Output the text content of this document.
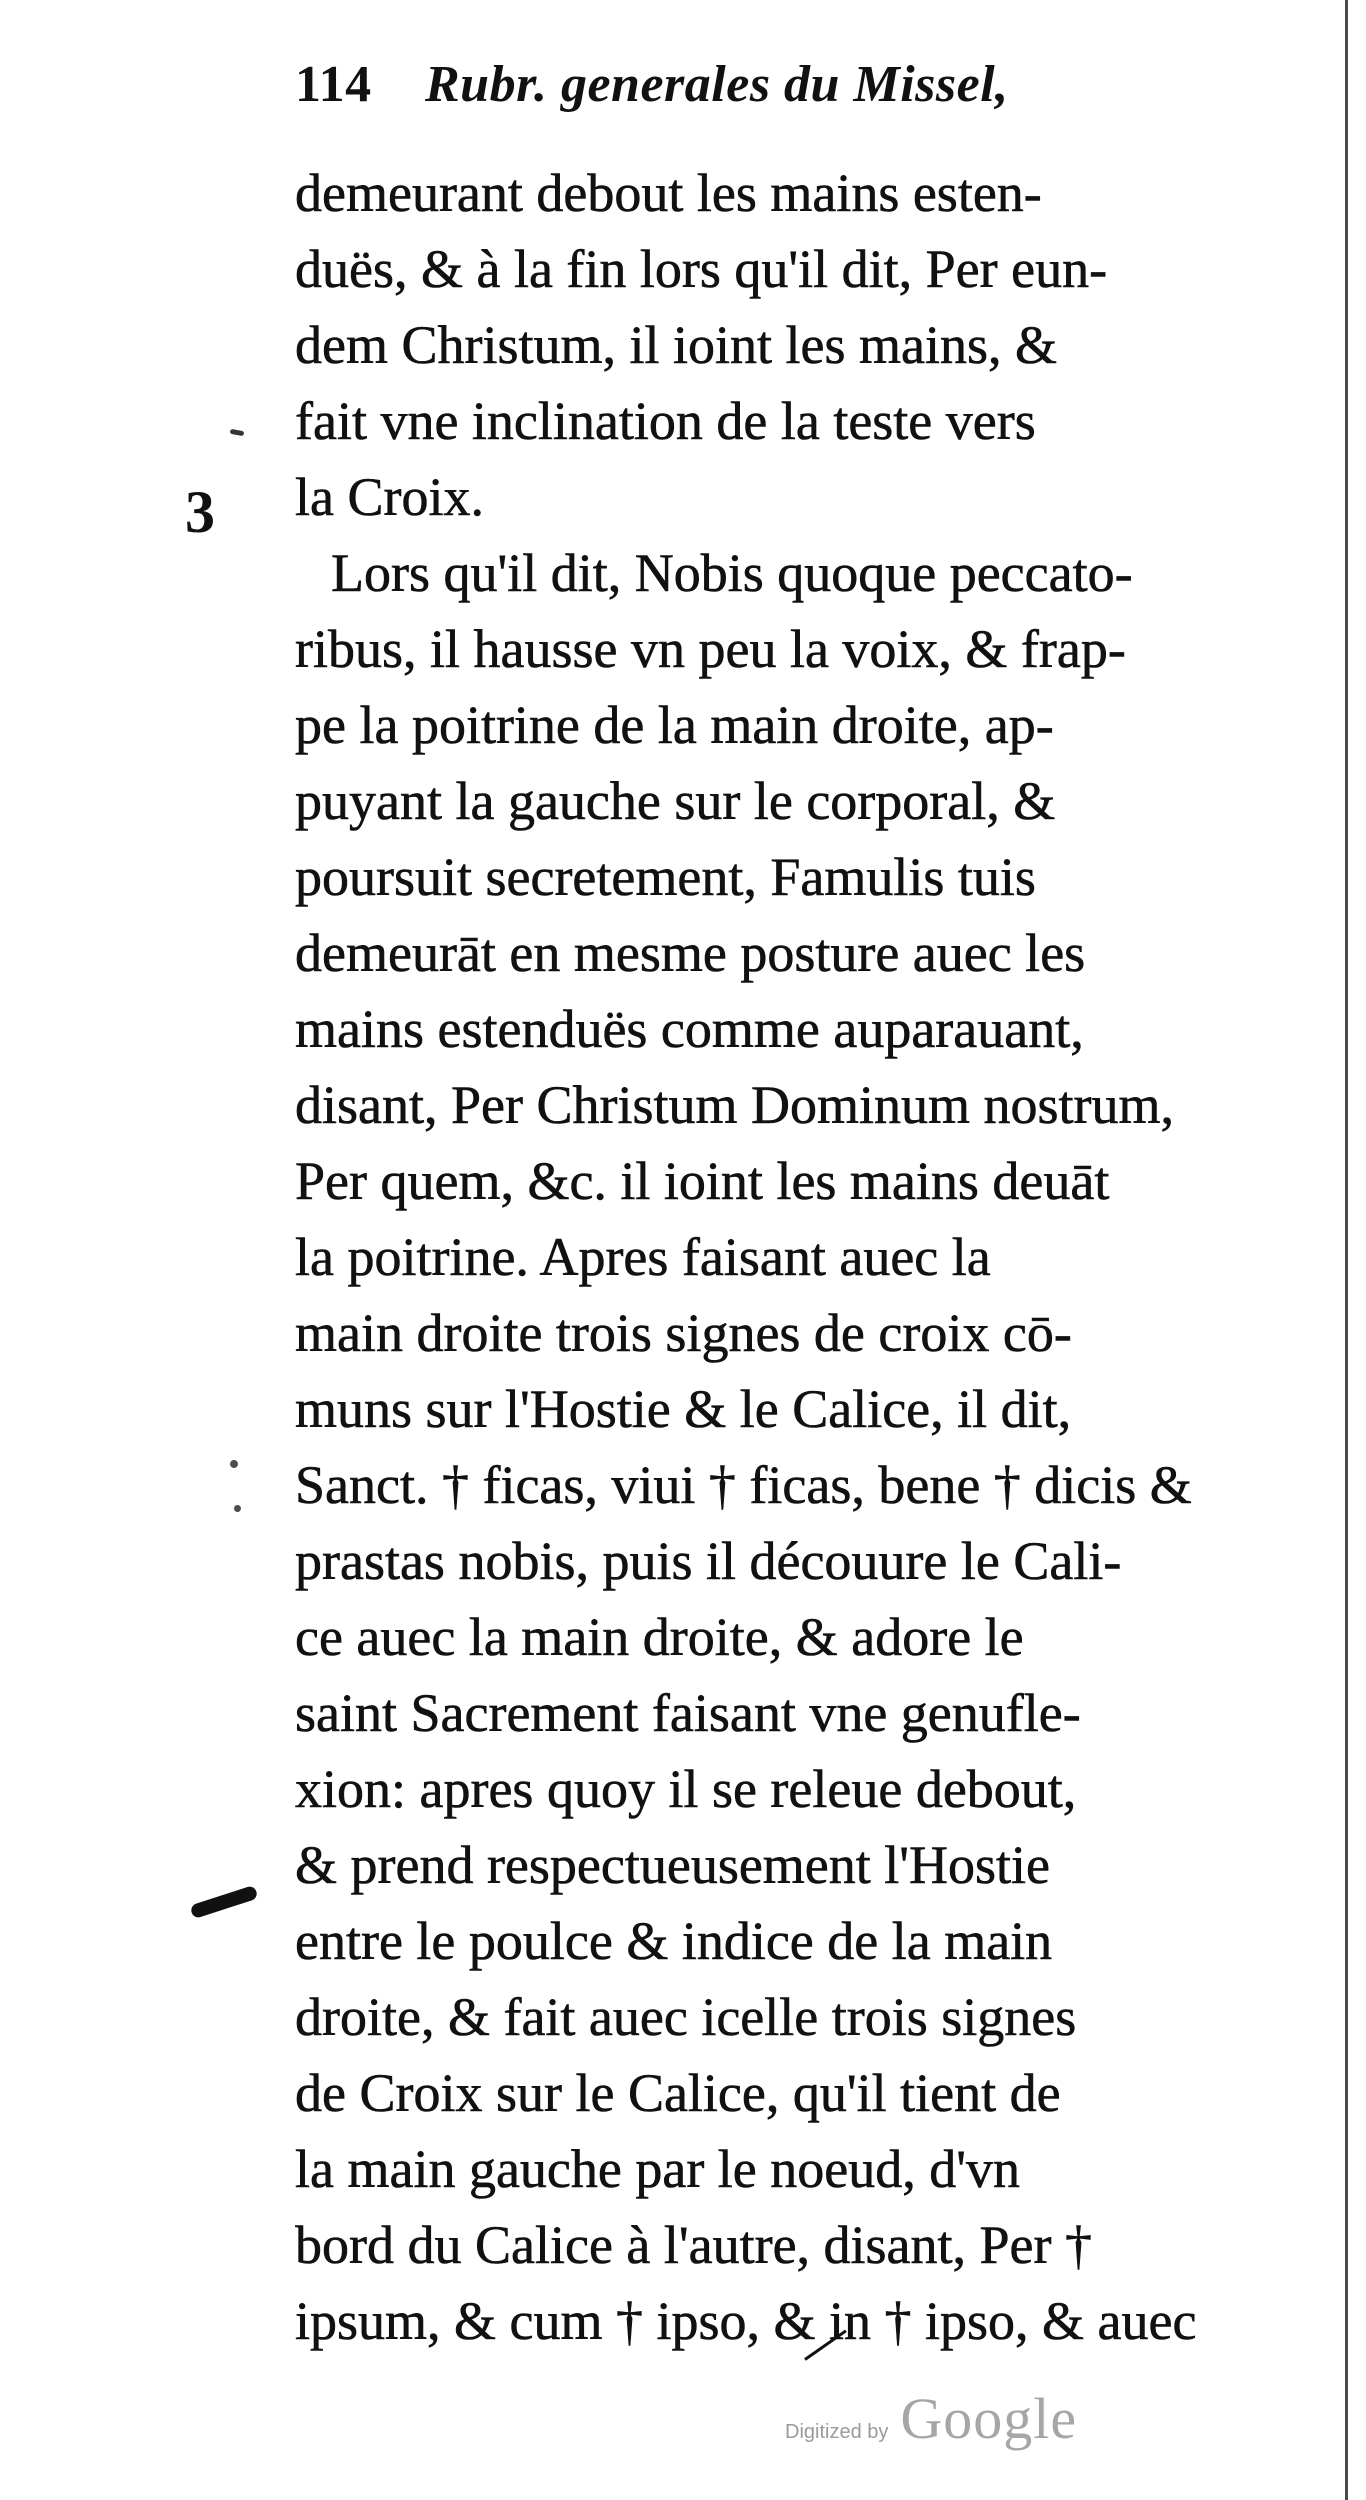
3
114 Rubr. generales du Missel,
demeurant debout les mains esten-
duës, & à la fin lors qu'il dit, Per eun-
dem Christum, il ioint les mains, &
fait vne inclination de la teste vers
la Croix.
Lors qu'il dit, Nobis quoque peccato-
ribus, il hausse vn peu la voix, & frap-
pe la poitrine de la main droite, ap-
puyant la gauche sur le corporal, &
poursuit secretement, Famulis tuis
demeurāt en mesme posture auec les
mains estenduës comme auparauant,
disant, Per Christum Dominum nostrum,
Per quem, &c. il ioint les mains deuāt
la poitrine. Apres faisant auec la
main droite trois signes de croix cō-
muns sur l'Hostie & le Calice, il dit,
Sanct. † ficas, viui † ficas, bene † dicis &
prastas nobis, puis il découure le Cali-
ce auec la main droite, & adore le
saint Sacrement faisant vne genufle-
xion: apres quoy il se releue debout,
& prend respectueusement l'Hostie
entre le poulce & indice de la main
droite, & fait auec icelle trois signes
de Croix sur le Calice, qu'il tient de
la main gauche par le noeud, d'vn
bord du Calice à l'autre, disant, Per †
ipsum, & cum † ipso, & in † ipso, & auec
Digitized by Google
